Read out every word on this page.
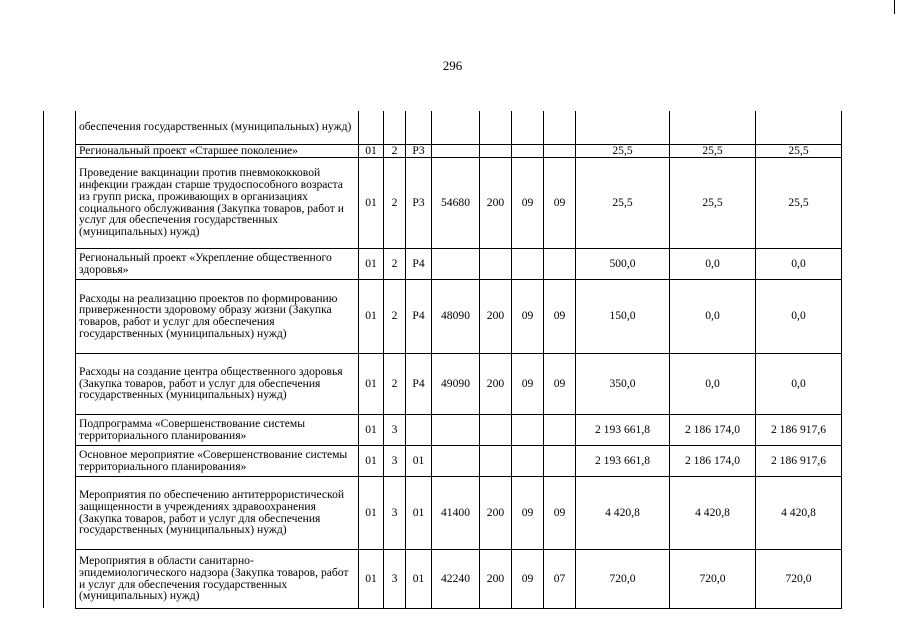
296
	обеспечения государственных (муниципальных) нужд)										
	Региональный проект «Старшее поколение»	01	2	P3					25,5	25,5	25,5
	Проведение вакцинации против пневмококковой инфекции граждан старше трудоспособного возраста из групп риска, проживающих в организациях социального обслуживания (Закупка товаров, работ и услуг для обеспечения государственных (муниципальных) нужд)	01	2	P3	54680	200	09	09	25,5	25,5	25,5
	Региональный проект «Укрепление общественного здоровья»	01	2	P4					500,0	0,0	0,0
	Расходы на реализацию проектов по формированию приверженности здоровому образу жизни (Закупка товаров, работ и услуг для обеспечения государственных (муниципальных) нужд)	01	2	P4	48090	200	09	09	150,0	0,0	0,0
	Расходы на создание центра общественного здоровья (Закупка товаров, работ и услуг для обеспечения государственных (муниципальных) нужд)	01	2	P4	49090	200	09	09	350,0	0,0	0,0
	Подпрограмма «Совершенствование системы территориального планирования»	01	3						2 193 661,8	2 186 174,0	2 186 917,6
	Основное мероприятие «Совершенствование системы территориального планирования»	01	3	01					2 193 661,8	2 186 174,0	2 186 917,6
	Мероприятия по обеспечению антитеррористической защищенности в учреждениях здравоохранения (Закупка товаров, работ и услуг для обеспечения государственных (муниципальных) нужд)	01	3	01	41400	200	09	09	4 420,8	4 420,8	4 420,8
	Мероприятия в области санитарно-эпидемиологического надзора (Закупка товаров, работ и услуг для обеспечения государственных (муниципальных) нужд)	01	3	01	42240	200	09	07	720,0	720,0	720,0
